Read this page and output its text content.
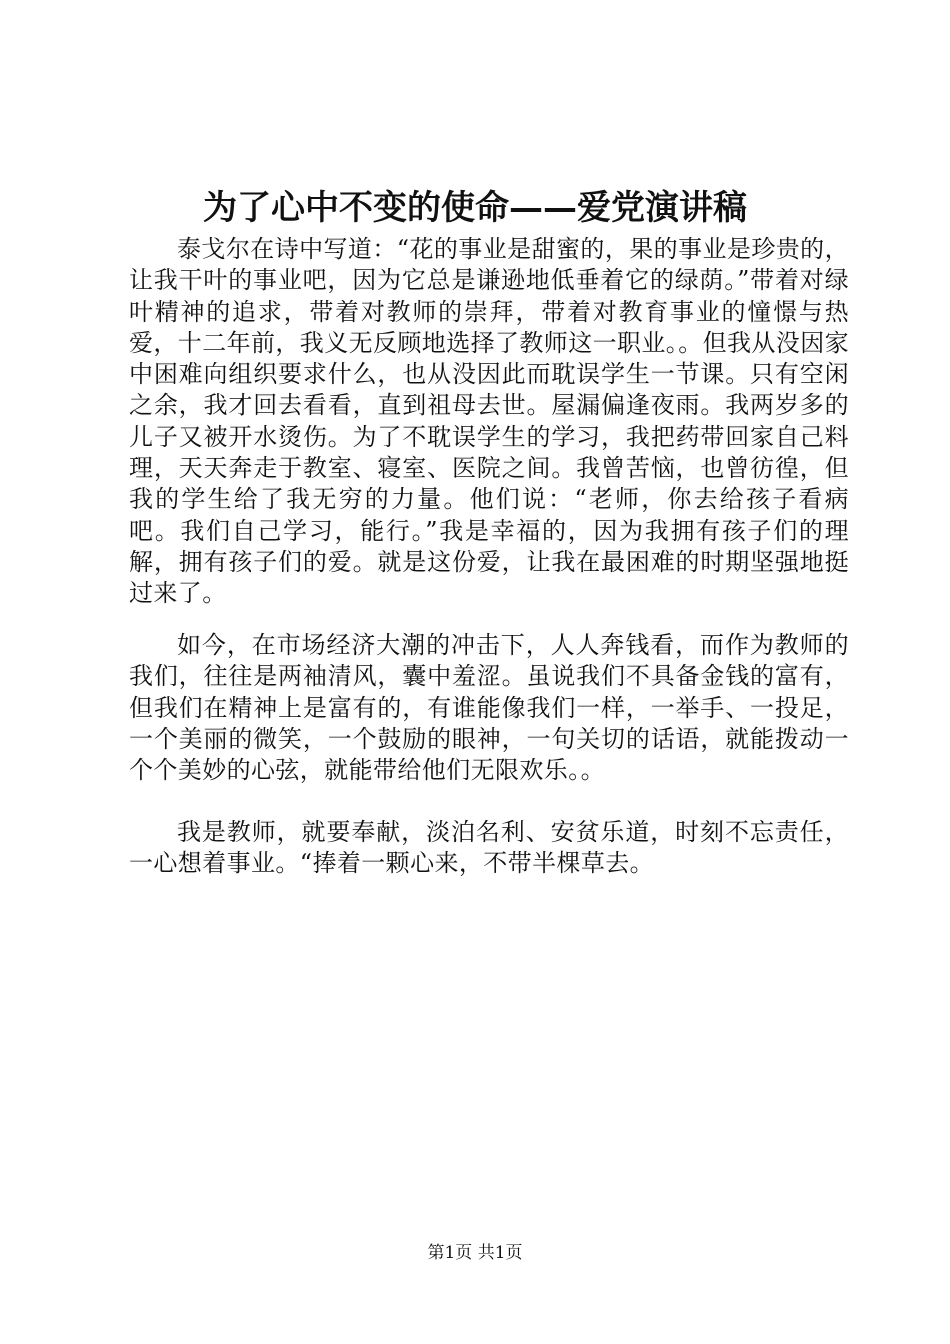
为了心中不变的使命——爱党演讲稿

泰戈尔在诗中写道：“花的事业是甜蜜的，果的事业是珍贵的，让我干叶的事业吧，因为它总是谦逊地低垂着它的绿荫。”带着对绿叶精神的追求，带着对教师的崇拜，带着对教育事业的憧憬与热爱，十二年前，我义无反顾地选择了教师这一职业。。但我从没因家中困难向组织要求什么，也从没因此而耽误学生一节课。只有空闲之余，我才回去看看，直到祖母去世。屋漏偏逢夜雨。我两岁多的儿子又被开水烫伤。为了不耽误学生的学习，我把药带回家自己料理，天天奔走于教室、寝室、医院之间。我曾苦恼，也曾彷徨，但我的学生给了我无穷的力量。他们说：“老师，你去给孩子看病吧。我们自己学习，能行。”我是幸福的，因为我拥有孩子们的理解，拥有孩子们的爱。就是这份爱，让我在最困难的时期坚强地挺过来了。

如今，在市场经济大潮的冲击下，人人奔钱看，而作为教师的我们，往往是两袖清风，囊中羞涩。虽说我们不具备金钱的富有，但我们在精神上是富有的，有谁能像我们一样，一举手、一投足，一个美丽的微笑，一个鼓励的眼神，一句关切的话语，就能拨动一个个美妙的心弦，就能带给他们无限欢乐。。

我是教师，就要奉献，淡泊名利、安贫乐道，时刻不忘责任，一心想着事业。“捧着一颗心来，不带半棵草去。

第1页 共1页
